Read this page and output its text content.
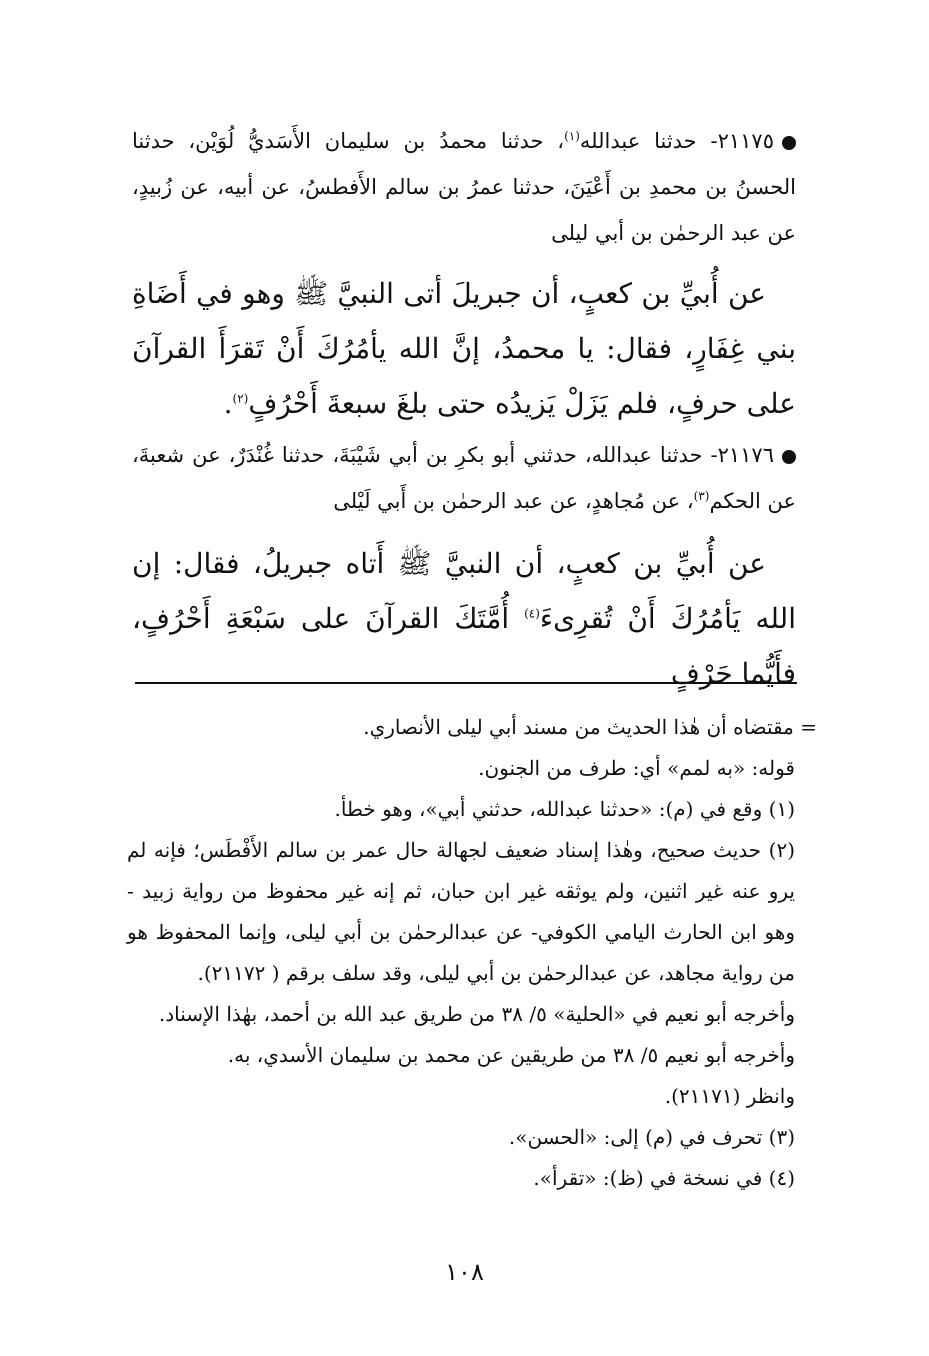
٢١١٧٥- حدثنا عبدالله$^{(١)}$، حدثنا محمدُ بن سليمان الأَسَديُّ لُوَيْن، حدثنا الحسنُ بن محمدِ بن أَعْيَنَ، حدثنا عمرُ بن سالم الأَفطسُ، عن أبيه، عن زُبيدٍ، عن عبد الرحمٰن بن أبي ليلى
عن أُبيِّ بن كعبٍ، أن جبريلَ أتى النبيَّ ﷺ وهو في أَضَاةِ بني غِفَارٍ، فقال: يا محمدُ، إنَّ الله يأمُرُكَ أَنْ تَقرَأَ القرآنَ على حرفٍ، فلم يَزَلْ يَزيدُه حتى بلغَ سبعةَ أَحْرُفٍ$^{(٢)}$.
٢١١٧٦- حدثنا عبدالله، حدثني أبو بكرِ بن أبي شَيْبَةَ، حدثنا غُنْدَرٌ، عن شعبةَ، عن الحكم$^{(٣)}$، عن مُجاهدٍ، عن عبد الرحمٰن بن أَبي لَيْلى
عن أُبيِّ بن كعبٍ، أن النبيَّ ﷺ أَتاه جبريلُ، فقال: إن الله يَأمُرُكَ أَنْ تُقرِىءَ$^{(٤)}$ أُمَّتَكَ القرآنَ على سَبْعَةِ أَحْرُفٍ، فأَيُّما حَرْفٍ
= مقتضاه أن هٰذا الحديث من مسند أبي ليلى الأنصاري.
قوله: «به لمم» أي: طرف من الجنون.
(١) وقع في (م): «حدثنا عبدالله، حدثني أبي»، وهو خطأ.
(٢) حديث صحيح، وهٰذا إسناد ضعيف لجهالة حال عمر بن سالم الأَفْطَس؛ فإنه لم يرو عنه غير اثنين، ولم يوثقه غير ابن حبان، ثم إنه غير محفوظ من رواية زبيد - وهو ابن الحارث اليامي الكوفي- عن عبدالرحمٰن بن أبي ليلى، وإنما المحفوظ هو من رواية مجاهد، عن عبدالرحمٰن بن أبي ليلى، وقد سلف برقم ( ٢١١٧٢).
وأخرجه أبو نعيم في «الحلية» ٥/ ٣٨ من طريق عبد الله بن أحمد، بهٰذا الإسناد.
وأخرجه أبو نعيم ٥/ ٣٨ من طريقين عن محمد بن سليمان الأسدي، به.
وانظر (٢١١٧١).
(٣) تحرف في (م) إلى: «الحسن».
(٤) في نسخة في (ظ): «تقرأ».
١٠٨
